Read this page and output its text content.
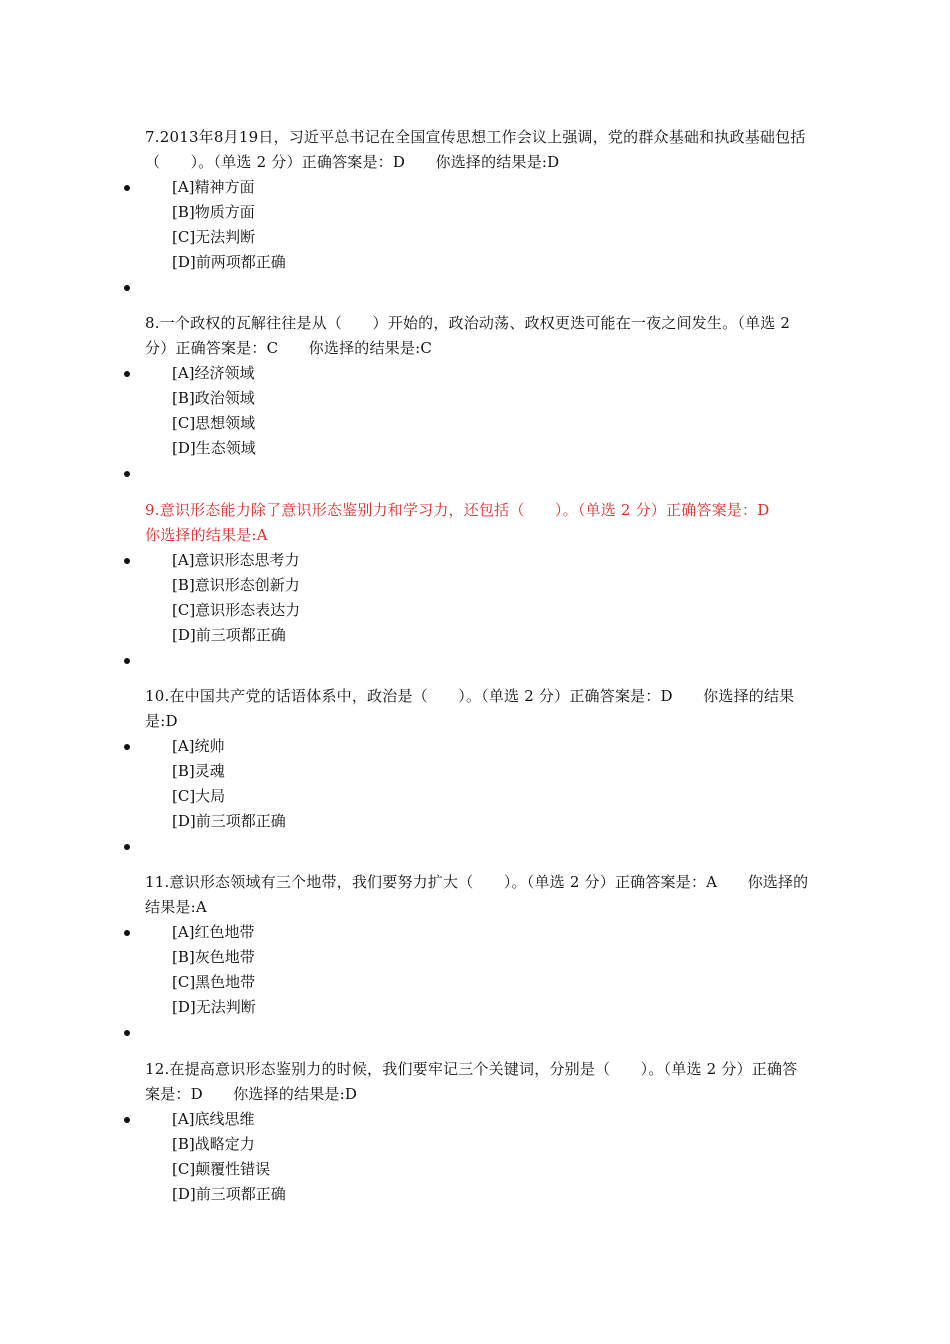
7.2013年8月19日，习近平总书记在全国宣传思想工作会议上强调，党的群众基础和执政基础包括（　　）。（单选 2 分）正确答案是：D　　你选择的结果是:D

[A]精神方面
[B]物质方面
[C]无法判断
[D]前两项都正确

8.一个政权的瓦解往往是从（　　）开始的，政治动荡、政权更迭可能在一夜之间发生。（单选 2 分）正确答案是：C　　你选择的结果是:C

[A]经济领域
[B]政治领域
[C]思想领域
[D]生态领域

9.意识形态能力除了意识形态鉴别力和学习力，还包括（　　）。（单选 2 分）正确答案是：D　　你选择的结果是:A

[A]意识形态思考力
[B]意识形态创新力
[C]意识形态表达力
[D]前三项都正确

10.在中国共产党的话语体系中，政治是（　　）。（单选 2 分）正确答案是：D　　你选择的结果是:D

[A]统帅
[B]灵魂
[C]大局
[D]前三项都正确

11.意识形态领域有三个地带，我们要努力扩大（　　）。（单选 2 分）正确答案是：A　　你选择的结果是:A

[A]红色地带
[B]灰色地带
[C]黑色地带
[D]无法判断

12.在提高意识形态鉴别力的时候，我们要牢记三个关键词，分别是（　　）。（单选 2 分）正确答案是：D　　你选择的结果是:D

[A]底线思维
[B]战略定力
[C]颠覆性错误
[D]前三项都正确
